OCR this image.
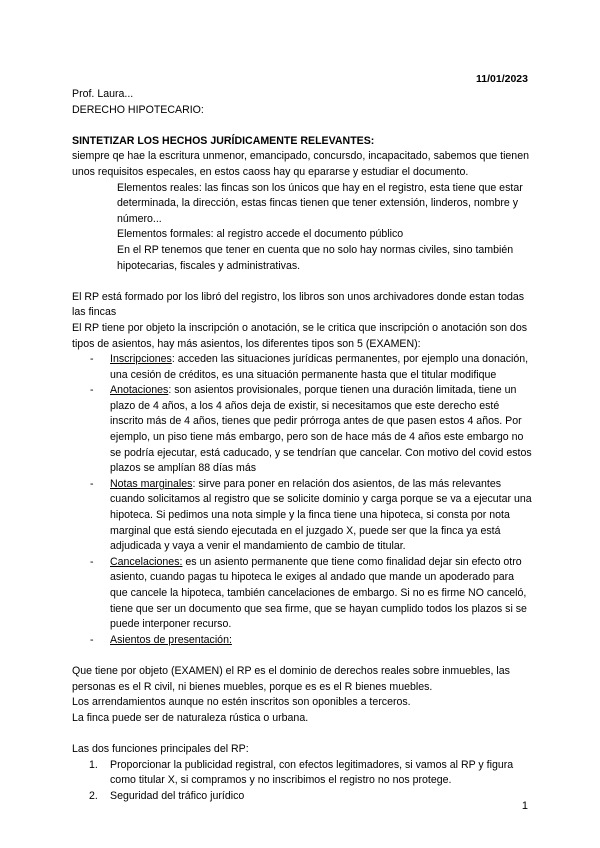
11/01/2023

Prof. Laura...

DERECHO HIPOTECARIO:

SINTETIZAR LOS HECHOS JURÍDICAMENTE RELEVANTES:

siempre qe hae la escritura unmenor, emancipado, concursdo, incapacitado, sabemos que tienen unos requisitos especales, en estos caoss hay qu epararse y estudiar el documento.

Elementos reales: las fincas son los únicos que hay en el registro, esta tiene que estar determinada, la dirección, estas fincas tienen que tener extensión, linderos, nombre y número...

Elementos formales: al registro accede el documento público

En el RP tenemos que tener en cuenta que no solo hay normas civiles, sino también hipotecarias, fiscales y administrativas.

El RP está formado por los libró del registro, los libros son unos archivadores donde estan todas las fincas

El RP tiene por objeto la inscripción o anotación, se le critica que inscripción o anotación son dos tipos de asientos, hay más asientos, los diferentes tipos son 5 (EXAMEN):

- Inscripciones: acceden las situaciones jurídicas permanentes, por ejemplo una donación, una cesión de créditos, es una situación permanente hasta que el titular modifique
- Anotaciones: son asientos provisionales, porque tienen una duración limitada, tiene un plazo de 4 años, a los 4 años deja de existir, si necesitamos que este derecho esté inscrito más de 4 años, tienes que pedir prórroga antes de que pasen estos 4 años. Por ejemplo, un piso tiene más embargo, pero son de hace más de 4 años este embargo no se podría ejecutar, está caducado, y se tendrían que cancelar. Con motivo del covid estos plazos se amplían 88 días más
- Notas marginales: sirve para poner en relación dos asientos, de las más relevantes cuando solicitamos al registro que se solicite dominio y carga porque se va a ejecutar una hipoteca. Si pedimos una nota simple y la finca tiene una hipoteca, si consta por nota marginal que está siendo ejecutada en el juzgado X, puede ser que la finca ya está adjudicada y vaya a venir el mandamiento de cambio de titular.
- Cancelaciones: es un asiento permanente que tiene como finalidad dejar sin efecto otro asiento, cuando pagas tu hipoteca le exiges al andado que mande un apoderado para que cancele la hipoteca, también cancelaciones de embargo. Si no es firme NO canceló, tiene que ser un documento que sea firme, que se hayan cumplido todos los plazos si se puede interponer recurso.
- Asientos de presentación:

Que tiene por objeto (EXAMEN) el RP es el dominio de derechos reales sobre inmuebles, las personas es el R civil, ni bienes muebles, porque es es el R bienes muebles.

Los arrendamientos aunque no estén inscritos son oponibles a terceros.

La finca puede ser de naturaleza rústica o urbana.

Las dos funciones principales del RP:

1. Proporcionar la publicidad registral, con efectos legitimadores, si vamos al RP y figura como titular X, si compramos y no inscribimos el registro no nos protege.
2. Seguridad del tráfico jurídico
1
